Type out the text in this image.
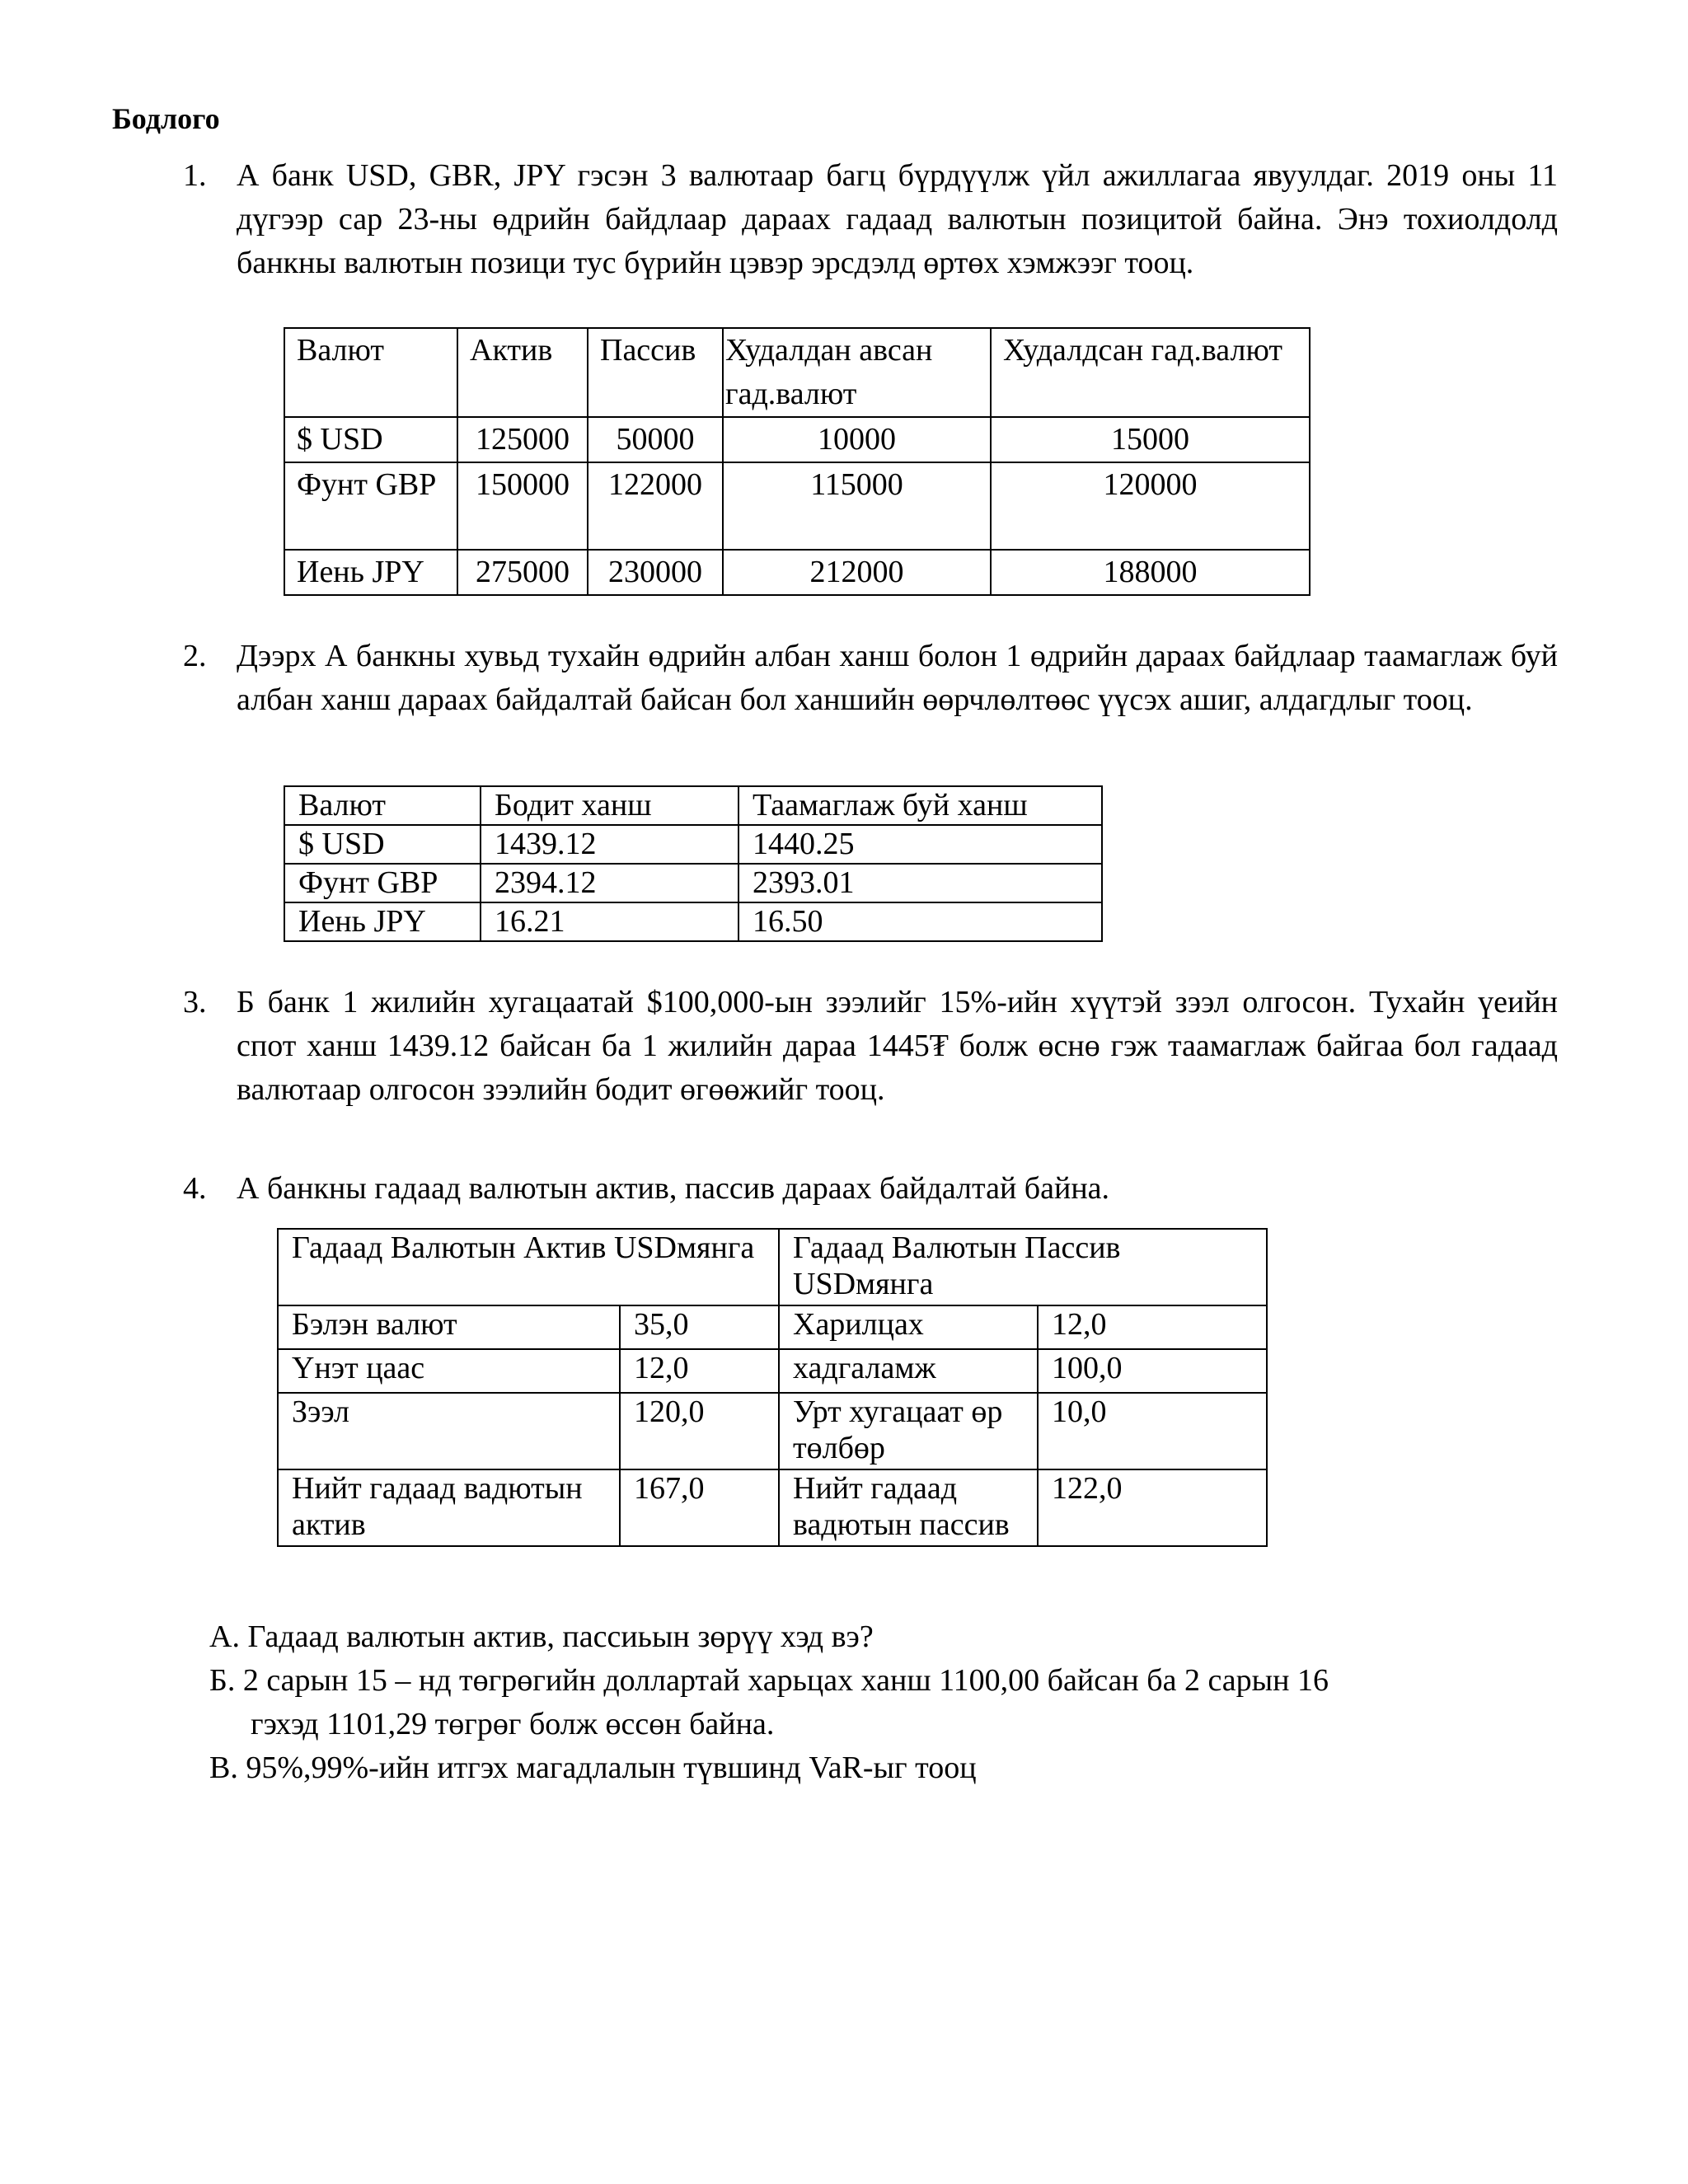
Бодлого
1. А банк USD, GBR, JPY гэсэн 3 валютаар багц бүрдүүлж үйл ажиллагаа явуулдаг. 2019 оны 11 дүгээр сар 23-ны өдрийн байдлаар дараах гадаад валютын позицитой байна. Энэ тохиолдолд банкны валютын позици тус бүрийн цэвэр эрсдэлд өртөх хэмжээг тооц.
Валют	Актив	Пассив	Худалдан авсан гад.валют	Худалдсан гад.валют
$ USD	125000	50000	10000	15000
Фунт GBP	150000	122000	115000	120000
Иень JPY	275000	230000	212000	188000
2. Дээрх А банкны хувьд тухайн өдрийн албан ханш болон 1 өдрийн дараах байдлаар таамаглаж буй албан ханш дараах байдалтай байсан бол ханшийн өөрчлөлтөөс үүсэх ашиг, алдагдлыг тооц.
Валют	Бодит ханш	Таамаглаж буй ханш
$ USD	1439.12	1440.25
Фунт GBP	2394.12	2393.01
Иень JPY	16.21	16.50
3. Б банк 1 жилийн хугацаатай $100,000-ын зээлийг 15%-ийн хүүтэй зээл олгосон. Тухайн үеийн спот ханш 1439.12 байсан ба 1 жилийн дараа 1445₮ болж өснө гэж таамаглаж байгаа бол гадаад валютаар олгосон зээлийн бодит өгөөжийг тооц.
4. А банкны гадаад валютын актив, пассив дараах байдалтай байна.
Гадаад Валютын Актив USDмянга		Гадаад Валютын Пассив USDмянга	
Бэлэн валют	35,0	Харилцах	12,0
Үнэт цаас	12,0	хадгаламж	100,0
Зээл	120,0	Урт хугацаат өр төлбөр	10,0
Нийт гадаад вадютын актив	167,0	Нийт гадаад вадютын пассив	122,0
А. Гадаад валютын актив, пассиьын зөрүү хэд вэ?
Б. 2 сарын 15 – нд төгрөгийн доллартай харьцах ханш 1100,00 байсан ба 2 сарын 16
гэхэд 1101,29 төгрөг болж өссөн байна.
В. 95%,99%-ийн итгэх магадлалын түвшинд VaR-ыг тооц
